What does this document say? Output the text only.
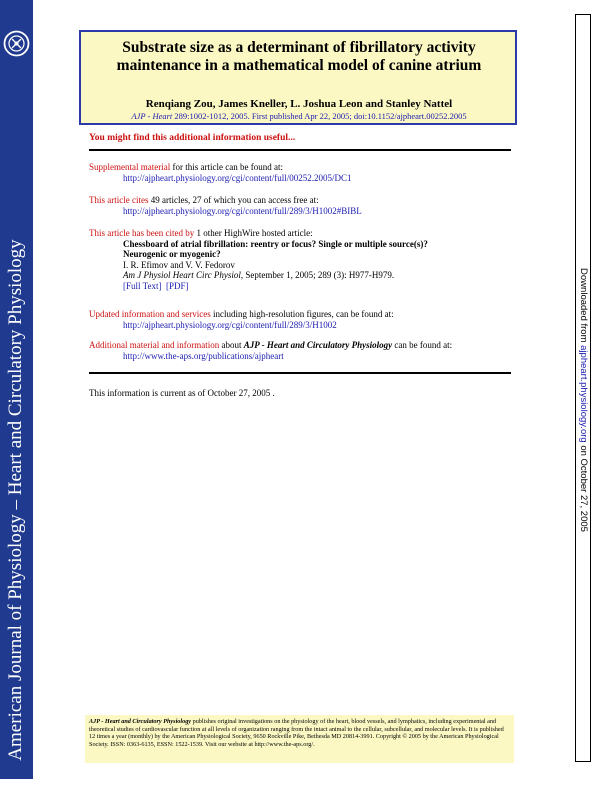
American Journal of Physiology – Heart and Circulatory Physiology	Downloaded from ajpheart.physiology.org on October 27, 2005
Substrate size as a determinant of fibrillatory activity
maintenance in a mathematical model of canine atrium
Renqiang Zou, James Kneller, L. Joshua Leon and Stanley Nattel
AJP - Heart 289:1002-1012, 2005. First published Apr 22, 2005; doi:10.1152/ajpheart.00252.2005
You might find this additional information useful...
Supplemental material for this article can be found at:
http://ajpheart.physiology.org/cgi/content/full/00252.2005/DC1
This article cites 49 articles, 27 of which you can access free at:
http://ajpheart.physiology.org/cgi/content/full/289/3/H1002#BIBL
This article has been cited by 1 other HighWire hosted article:
Chessboard of atrial fibrillation: reentry or focus? Single or multiple source(s)?
Neurogenic or myogenic?
I. R. Efimov and V. V. Fedorov
Am J Physiol Heart Circ Physiol, September 1, 2005; 289 (3): H977-H979.
[Full Text] [PDF]
Updated information and services including high-resolution figures, can be found at:
http://ajpheart.physiology.org/cgi/content/full/289/3/H1002
Additional material and information about AJP - Heart and Circulatory Physiology can be found at:
http://www.the-aps.org/publications/ajpheart
This information is current as of October 27, 2005 .
AJP - Heart and Circulatory Physiology publishes original investigations on the physiology of the heart, blood vessels, and lymphatics, including experimental and theoretical studies of cardiovascular function at all levels of organization ranging from the intact animal to the cellular, subcellular, and molecular levels. It is published 12 times a year (monthly) by the American Physiological Society, 9650 Rockville Pike, Bethesda MD 20814-3991. Copyright © 2005 by the American Physiological Society. ISSN: 0363-6135, ESSN: 1522-1539. Visit our website at http://www.the-aps.org/.
